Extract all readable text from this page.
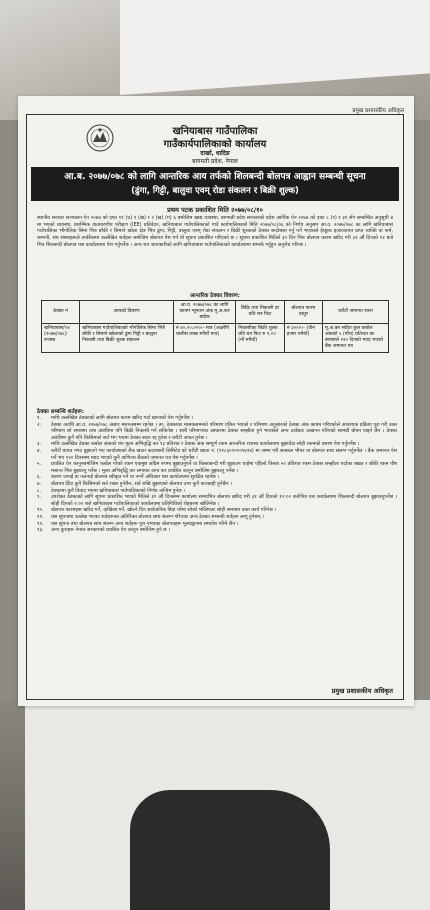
प्रमुख प्रशासकीय अधिकृत
खनियाबास गाउँपालिका
गाउँकार्यपालिकाको कार्यालय
दार्खा, धादिङ
बागमती प्रदेश, नेपाल
आ.ब. २०७७/०७८ को लागि आन्तरिक आय तर्फको शिलबन्दी बोलपत्र आह्वान सम्बन्धी सूचना
(ढुंगा, गिट्टी, बालुवा एवम् रोडा संकलन र बिक्री शुल्क)
प्रथम पटक प्रकाशित मिति २०७७/०८/१०
स्थानीय सरकार सञ्चालन ऐन २०७४ को दफा ११ (घ) १ (ख) र २ (ख) (ग) ६ बमोजिम खाद्य व्यवस्था, बागमती प्रदेश सरकारको प्रदेश आर्थिक ऐन २०७७ को दफा ८ (१) र ३१ सँग सम्बन्धित अनुसूची ४ मा भएको व्यवस्था, प्रारम्भिक वातावरणीय परीक्षण (IEE) प्रतिवेदन, खनियाबास गाउँपालिकाको गाउँ कार्यपालिकाको मिति २०७७/०८/०६ को निर्णय अनुसार आ.व. २०७७/०७८ का लागि खनियाबास गाउँपालिका भौगोलिक सिमा भित्र बाँकी र सिमाने खोला क्षेत्र भित्र ढुंगा, गिट्टी, बालुवा एवम् रोडा संकलन र बिक्री शुल्कको ठेक्का बन्दोबस्त गर्नु पर्ने भएकाले ईच्छुक इजाजतपत्र प्राप्त व्यक्ति वा फर्म, कम्पनी, संघ संस्थाहरूले तपसिलमा उल्लेखित शर्तहरू बमोजिम बोलपत्र पेश गर्न यो सूचना प्रकाशित गरिएको छ । सूचना प्रकाशित मितिले ३० दिन भित्र बोलपत्र फारम खरिद गरी ३१ औं दिनको १२ बजे भित्र शिलबन्दी बोलपत्र यस कार्यालयमा पेश गर्नुपर्नेछ । अन्य थप जानकारीको लागि खनियाबास गाउँपालिकाको कार्यालयमा सम्पर्क गर्नुहुन अनुरोध गरिन्छ ।
आन्तरिक ठेक्का विवरण:
ठेक्का नं	आयको विवरण	आ.व. २०७७/०७८ का लागि कायम न्यूनतम अंक मू.अ.कर बाहेक	बिक्रि तथा निकासी दर प्रति घन फिट	बोलपत्र फारम दस्तुर	धरौटी जमानत रकम
खनियाबास/०४ (२०७७/०७८) राजस्व	खनियाबास गाउँपालिकाको भौगोलिक सिमा भित्रै बाँकी र सिमाने खोलाको ढुंगा गिट्टी र बालुवा निकासी तथा बिक्री शुल्क संकलन	रु ४०,००,०००।- मात्र (अक्षरेपि चालीस लाख रुपैयाँ मात्र)	निकासीका बिक्री शुल्क प्रति घन फिट रु ९.०० (नौ रुपैयाँ)	रु ३०००।- (तीन हजार रुपैयाँ)	मू.अ.कर सहित कुल कबोल अंकको ५ (पाँच) प्रतिशत का बराबरले १२० दिनको म्याद भएको बैंक जमानत पत्र
ठेक्का सम्बन्धि शर्तहरू:
१.	माथि उल्लेखित ठेक्काको लागि बोलपत्र फारम खरिद गर्दा खानाको पेश गर्नुपर्नेछ ।
२.	ठेक्का अवधि आ.व. २०७७/०७८ असार मसान्तसम्म रहनेछ । तर, ठेक्काका मासकसम्मको परिमाण एकिन भएको र परिमाण अनुसारको ठेक्का अंक कायम गरिएकोले आवश्यक प्रक्रिया पूरा गरी उक्त परिमाण सो समयमा तथा अवधिमा पनि बिक्री निकासी गर्न सकिनेछ । साथै परिमाणका आधारमा ठेक्का सम्झौता हुने भएकोले अन्य ठाउँबाट उत्खनन गरिएको सामग्री बोक्न पाइने छैन । ठेक्का अवधिमा कुनै पनि किसिमको सर्त भंग भएमा ठेक्का स्वतः रद्द हुनेछ र धरौटी जफत हुनेछ ।
३.	माथि उल्लेखित ठेक्का कबोल अंकको थप मूल्य अभिवृद्धि कर १३ प्रतिशत र ठेक्का अंक सम्पूर्ण रकम आन्तरिक राजस्व कार्यालयमा बुझाउँदा सोही रकमको प्रमाण पेश गर्नुपर्नेछ ।
४.	धरौटी बापत नगद बुझाउने भए कार्यालयको बैंक खाता कदराबारी लिमिटेड को धरौटी खाता नं. (९१८६०००००१४२४) मा जम्मा गरी सक्कल भौचर वा बोलपत्र साथ संलग्न गर्नुपर्नेछ । बैंक जमानत पेश गर्ने भए १२० दिनसम्म म्याद भएको कुनै वाणिज्य बैंकको जमानत पत्र पेश गर्नुपर्नेछ ।
५.	प्रचलित ऐन कानुनबमोजिम कबोल गरेको रकम एकमुष्ठ अग्रिम रुपमा बुझाउनुपर्ने वा किस्ताबन्दी गरी बुझाउन चाहेमा पहिलो किस्ता ५० प्रतिशत रकम ठेक्का सम्झौता गर्दाका बखत र बाँकी रकम पौष मसान्त भित्र बुझाउनु पर्नेछ । मूल्य अभिवृद्धि कर लगायत अन्य कर प्रचलित कानुन बमोजिम बुझाउनु पर्नेछ ।
६.	कारण जनाई वा नजनाई बोलपत्र स्वीकृत गर्ने वा नगर्ने अधिकार यस कार्यालयमा सुरक्षित रहनेछ ।
७.	बोलपत्र दिँदा कुनै किसिमको सर्त राख्न हुनेछैन, सर्त राखि बुझाएको बोलपत्र उपर कुनै कारबाही हुनेछैन ।
८.	ठेक्कामा कुनै विवाद भएमा खनियाबास गाउँपालिकाको निर्णय अन्तिम हुनेछ ।
९.	उपरोक्त ठेक्काको लागि सूचना प्रकाशित भएको मितिले ३१ औं दिनसम्म कार्यालय समयभित्र बोलपत्र खरिद गरी ३१ औं दिनको १२:०० बजेभित्र यस कार्यालयमा शिलबन्दी बोलपत्र बुझाउनुपर्नेछ । सोही दिनको २:०० बजे खनियाबास गाउँपालिकाको कार्यालयमा प्रतिनिधिको रोहबरमा खोलिनेछ ।
१०.	बोलपत्र फारमहरू खरिद गर्ने, दाखिला गर्ने, खोल्ने दिन सार्वजनिक बिदा परेमा सोको भोलिपल्ट सोही समयमा उक्त कार्य गरिनेछ ।
११.	यस सूचनामा उल्लेख भएका शर्तहरूका अतिरिक्त बोलपत्र साथ संलग्न गरिएका अन्य ठेक्का सम्बन्धी शर्तहरू लागू हुनेछन् ।
१२.	यस सूचना तथा बोलपत्र साथ संलग्न अन्य शर्तहरू पूरा नभएका बोलपत्रहरू मूल्याङ्कनमा समावेश गरिने छैन ।
१३.	अन्य कुराहरू नेपाल सरकारको प्रचलित ऐन कानुन बमोजिम हुने छ ।
प्रमुख प्रशासकीय अधिकृत
